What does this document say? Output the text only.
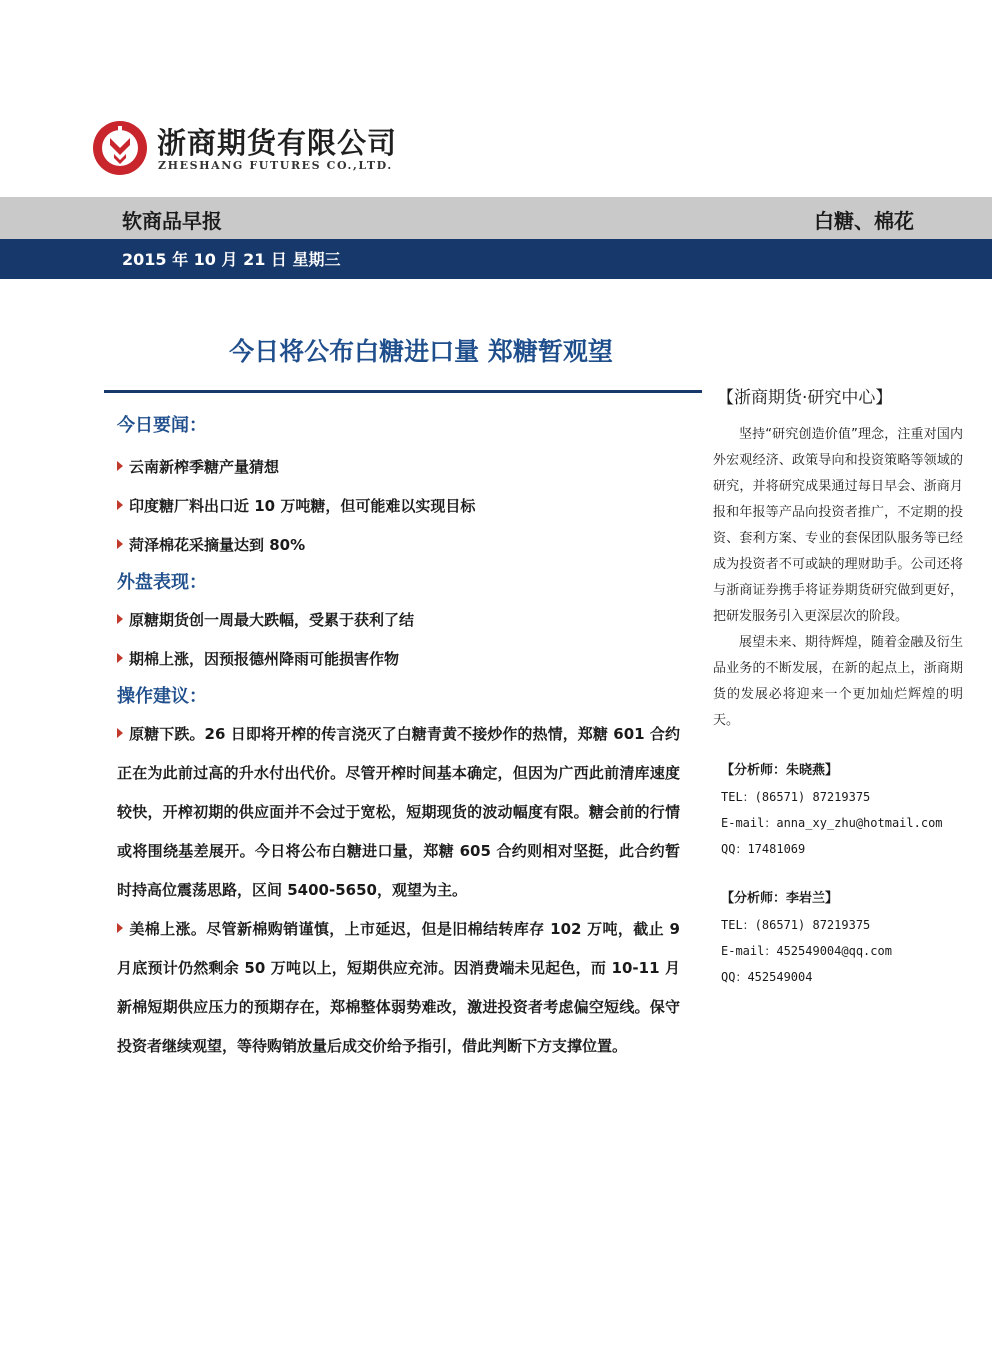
浙商期货有限公司
ZHESHANG FUTURES CO.,LTD.
软商品早报	白糖、棉花
2015 年 10 月 21 日 星期三
今日将公布白糖进口量 郑糖暂观望
今日要闻：
云南新榨季糖产量猜想
印度糖厂料出口近 10 万吨糖，但可能难以实现目标
菏泽棉花采摘量达到 80%
外盘表现：
原糖期货创一周最大跌幅，受累于获利了结
期棉上涨，因预报德州降雨可能损害作物
操作建议：

原糖下跌。26 日即将开榨的传言浇灭了白糖青黄不接炒作的热情，郑糖 601 合约正在为此前过高的升水付出代价。尽管开榨时间基本确定，但因为广西此前清库速度较快，开榨初期的供应面并不会过于宽松，短期现货的波动幅度有限。糖会前的行情或将围绕基差展开。今日将公布白糖进口量，郑糖 605 合约则相对坚挺，此合约暂时持高位震荡思路，区间 5400-5650，观望为主。

美棉上涨。尽管新棉购销谨慎，上市延迟，但是旧棉结转库存 102 万吨，截止 9 月底预计仍然剩余 50 万吨以上，短期供应充沛。因消费端未见起色，而 10-11 月新棉短期供应压力的预期存在，郑棉整体弱势难改，激进投资者考虑偏空短线。保守投资者继续观望，等待购销放量后成交价给予指引，借此判断下方支撑位置。

【浙商期货·研究中心】

坚持“研究创造价值”理念，注重对国内外宏观经济、政策导向和投资策略等领域的研究，并将研究成果通过每日早会、浙商月报和年报等产品向投资者推广，不定期的投资、套利方案、专业的套保团队服务等已经成为投资者不可或缺的理财助手。公司还将与浙商证券携手将证券期货研究做到更好，把研发服务引入更深层次的阶段。

展望未来、期待辉煌，随着金融及衍生品业务的不断发展，在新的起点上，浙商期货的发展必将迎来一个更加灿烂辉煌的明天。

【分析师：朱晓燕】
TEL：(86571) 87219375
E-mail：anna_xy_zhu@hotmail.com
QQ：17481069
【分析师：李岩兰】
TEL：(86571) 87219375
E-mail：452549004@qq.com
QQ：452549004
